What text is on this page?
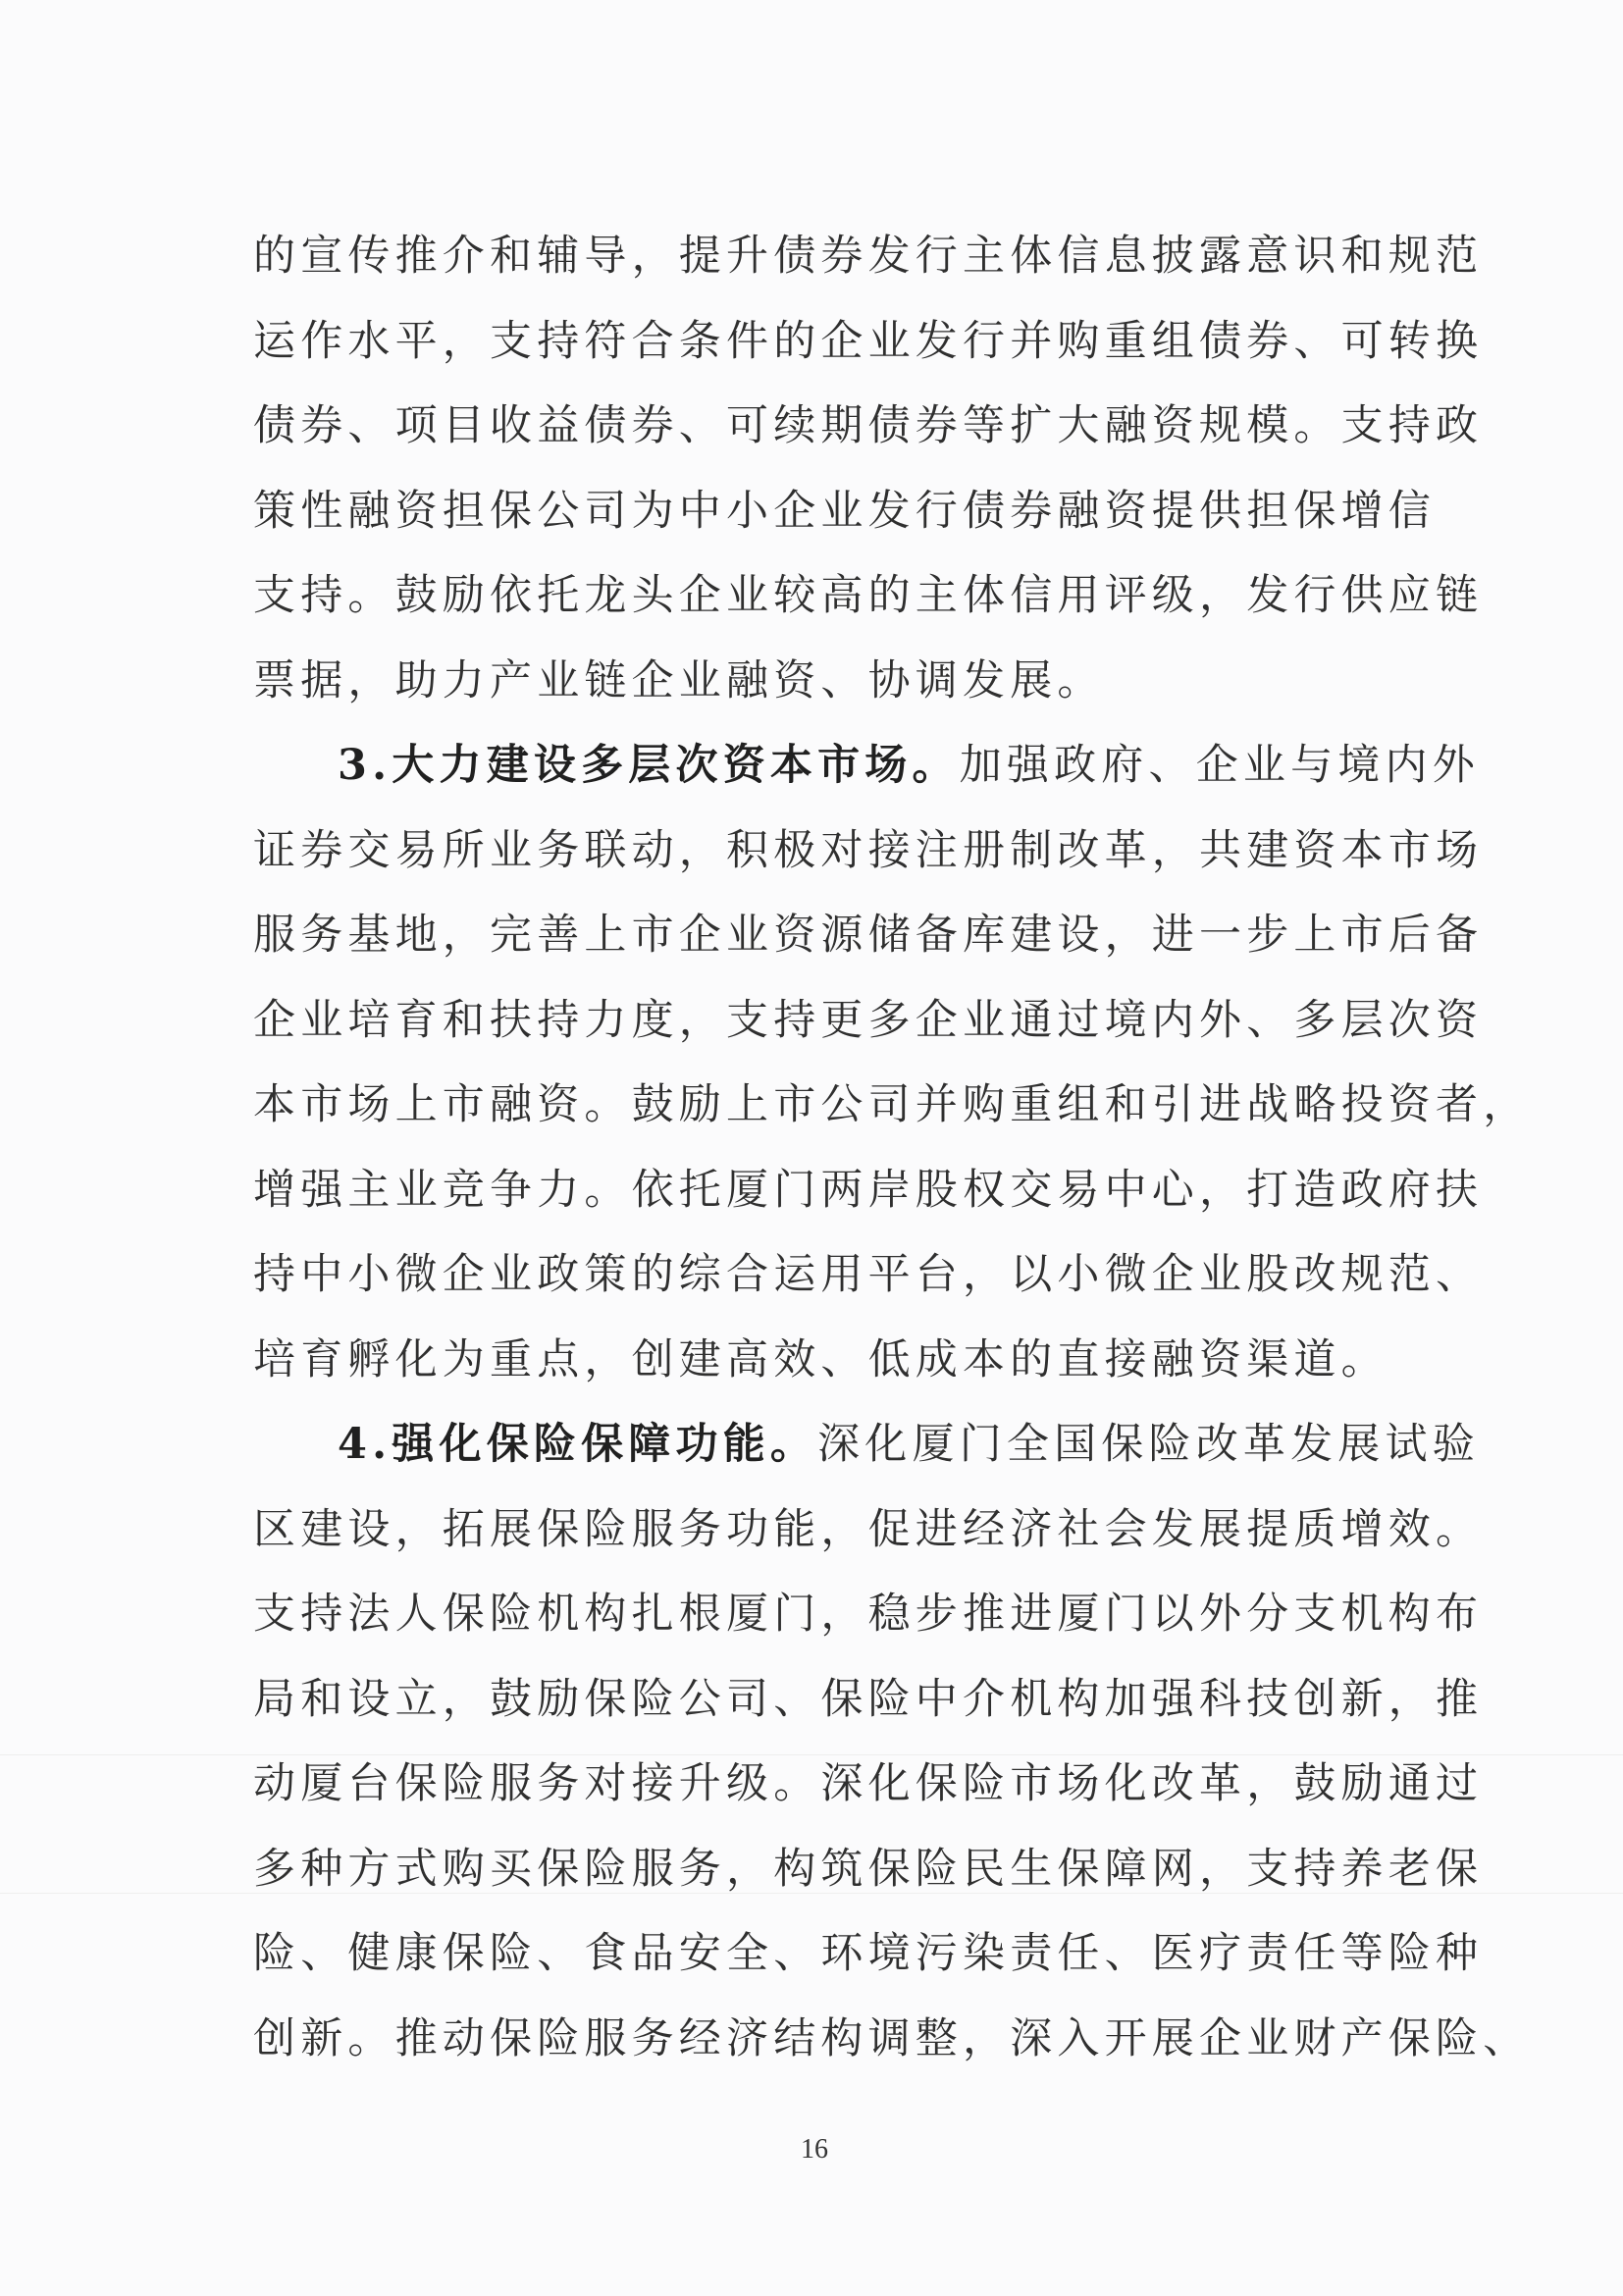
的宣传推介和辅导，提升债券发行主体信息披露意识和规范
运作水平，支持符合条件的企业发行并购重组债券、可转换
债券、项目收益债券、可续期债券等扩大融资规模。支持政
策性融资担保公司为中小企业发行债券融资提供担保增信
支持。鼓励依托龙头企业较高的主体信用评级，发行供应链
票据，助力产业链企业融资、协调发展。
3.大力建设多层次资本市场。加强政府、企业与境内外
证券交易所业务联动，积极对接注册制改革，共建资本市场
服务基地，完善上市企业资源储备库建设，进一步上市后备
企业培育和扶持力度，支持更多企业通过境内外、多层次资
本市场上市融资。鼓励上市公司并购重组和引进战略投资者，
增强主业竞争力。依托厦门两岸股权交易中心，打造政府扶
持中小微企业政策的综合运用平台，以小微企业股改规范、
培育孵化为重点，创建高效、低成本的直接融资渠道。
4.强化保险保障功能。深化厦门全国保险改革发展试验
区建设，拓展保险服务功能，促进经济社会发展提质增效。
支持法人保险机构扎根厦门，稳步推进厦门以外分支机构布
局和设立，鼓励保险公司、保险中介机构加强科技创新，推
动厦台保险服务对接升级。深化保险市场化改革，鼓励通过
多种方式购买保险服务，构筑保险民生保障网，支持养老保
险、健康保险、食品安全、环境污染责任、医疗责任等险种
创新。推动保险服务经济结构调整，深入开展企业财产保险、
16
